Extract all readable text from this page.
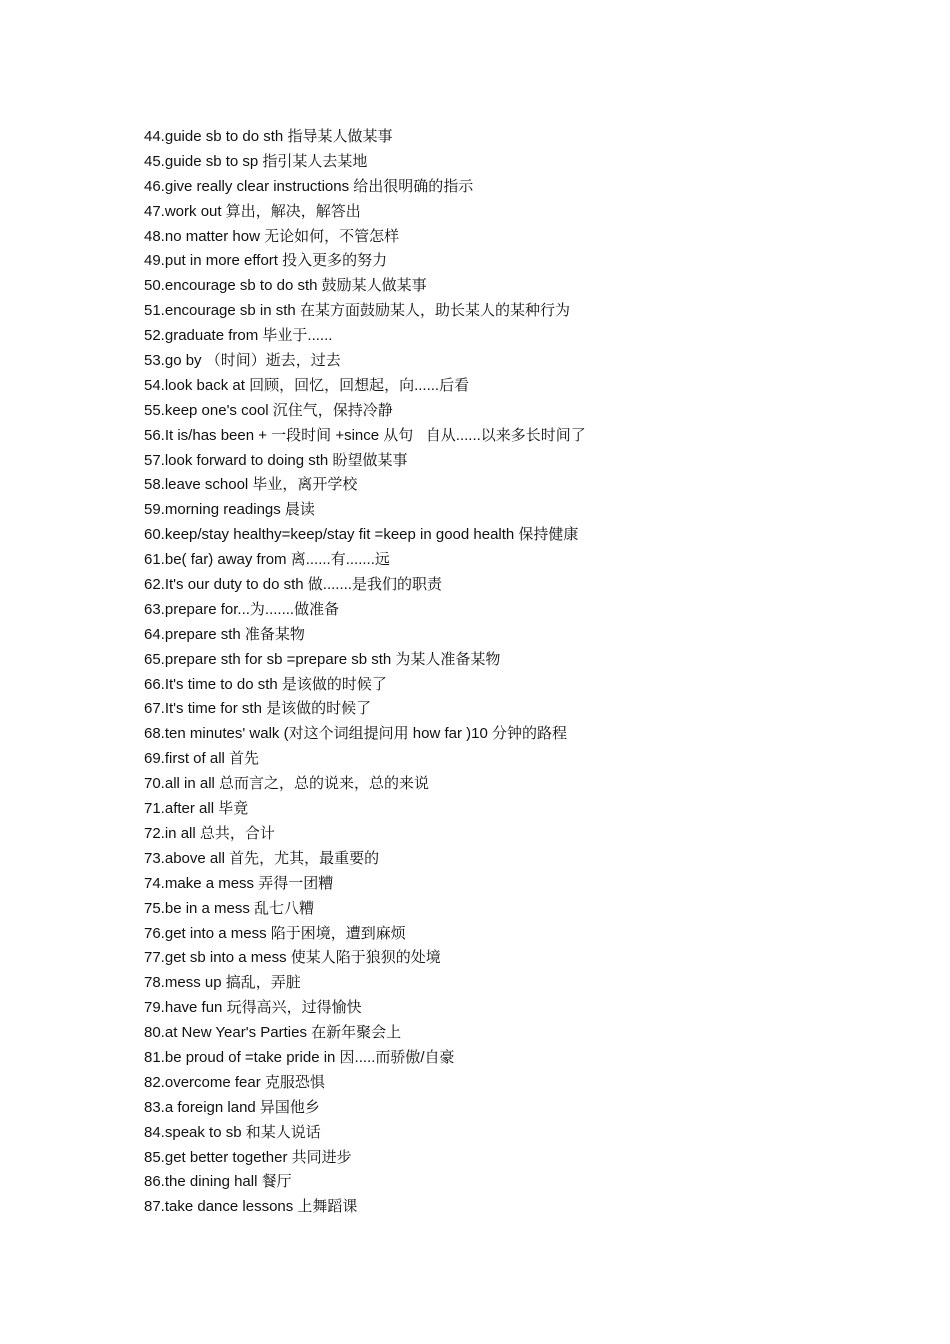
44.guide sb to do sth 指导某人做某事
45.guide sb to sp 指引某人去某地
46.give really clear instructions 给出很明确的指示
47.work out 算出，解决，解答出
48.no matter how 无论如何，不管怎样
49.put in more effort 投入更多的努力
50.encourage sb to do sth 鼓励某人做某事
51.encourage sb in sth 在某方面鼓励某人，助长某人的某种行为
52.graduate from 毕业于......
53.go by （时间）逝去，过去
54.look back at 回顾，回忆，回想起，向......后看
55.keep one's cool 沉住气，保持冷静
56.It is/has been + 一段时间 +since 从句   自从......以来多长时间了
57.look forward to doing sth 盼望做某事
58.leave school 毕业，离开学校
59.morning readings 晨读
60.keep/stay healthy=keep/stay fit =keep in good health 保持健康
61.be( far) away from 离......有.......远
62.It's our duty to do sth 做.......是我们的职责
63.prepare for...为.......做准备
64.prepare sth 准备某物
65.prepare sth for sb =prepare sb sth 为某人准备某物
66.It's time to do sth 是该做的时候了
67.It's time for sth 是该做的时候了
68.ten minutes' walk (对这个词组提问用 how far )10 分钟的路程
69.first of all 首先
70.all in all 总而言之，总的说来，总的来说
71.after all 毕竟
72.in all 总共，合计
73.above all 首先，尤其，最重要的
74.make a mess 弄得一团糟
75.be in a mess 乱七八糟
76.get into a mess 陷于困境，遭到麻烦
77.get sb into a mess 使某人陷于狼狈的处境
78.mess up 搞乱，弄脏
79.have fun 玩得高兴，过得愉快
80.at New Year's Parties 在新年聚会上
81.be proud of =take pride in 因.....而骄傲/自豪
82.overcome fear 克服恐惧
83.a foreign land 异国他乡
84.speak to sb 和某人说话
85.get better together 共同进步
86.the dining hall 餐厅
87.take dance lessons 上舞蹈课
